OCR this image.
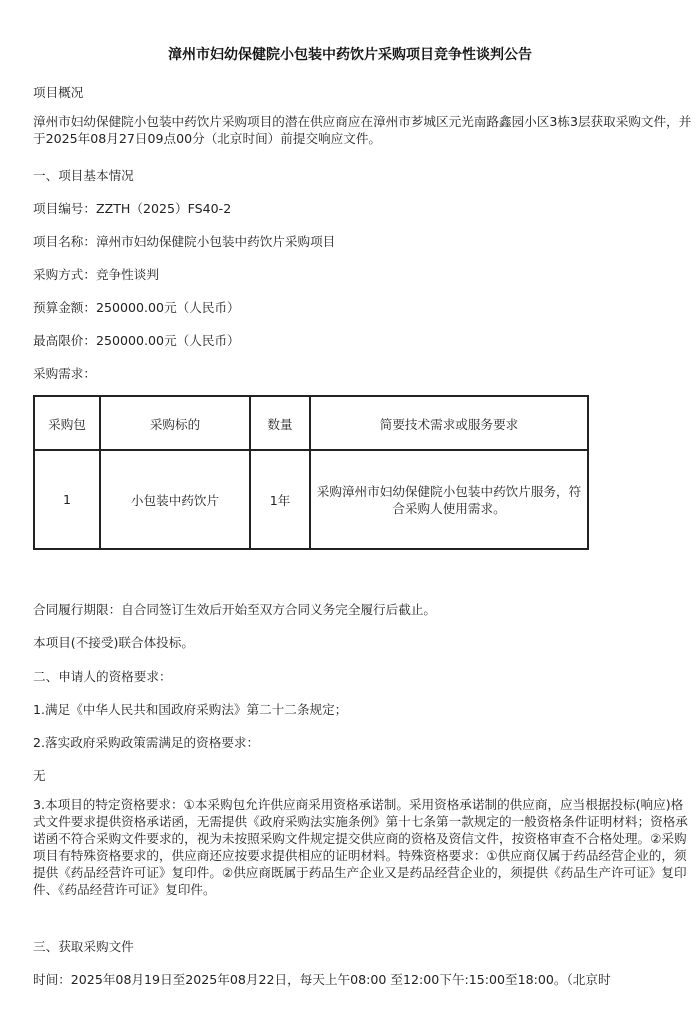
漳州市妇幼保健院小包装中药饮片采购项目竞争性谈判公告
项目概况
漳州市妇幼保健院小包装中药饮片采购项目的潜在供应商应在漳州市芗城区元光南路鑫园小区3栋3层获取采购文件，并于2025年08月27日09点00分（北京时间）前提交响应文件。
一、项目基本情况
项目编号：ZZTH（2025）FS40-2
项目名称：漳州市妇幼保健院小包装中药饮片采购项目
采购方式：竞争性谈判
预算金额：250000.00元（人民币）
最高限价：250000.00元（人民币）
采购需求：
采购包	采购标的	数量	简要技术需求或服务要求
1	小包装中药饮片	1年	采购漳州市妇幼保健院小包装中药饮片服务，符合采购人使用需求。
合同履行期限：自合同签订生效后开始至双方合同义务完全履行后截止。
本项目(不接受)联合体投标。
二、申请人的资格要求：
1.满足《中华人民共和国政府采购法》第二十二条规定；
2.落实政府采购政策需满足的资格要求：
无
3.本项目的特定资格要求：①本采购包允许供应商采用资格承诺制。采用资格承诺制的供应商，应当根据投标(响应)格式文件要求提供资格承诺函，无需提供《政府采购法实施条例》第十七条第一款规定的一般资格条件证明材料；资格承诺函不符合采购文件要求的，视为未按照采购文件规定提交供应商的资格及资信文件，按资格审查不合格处理。②采购项目有特殊资格要求的，供应商还应按要求提供相应的证明材料。特殊资格要求：①供应商仅属于药品经营企业的，须提供《药品经营许可证》复印件。②供应商既属于药品生产企业又是药品经营企业的，须提供《药品生产许可证》复印件、《药品经营许可证》复印件。
三、获取采购文件
时间：2025年08月19日至2025年08月22日，每天上午08:00 至12:00下午:15:00至18:00。（北京时
